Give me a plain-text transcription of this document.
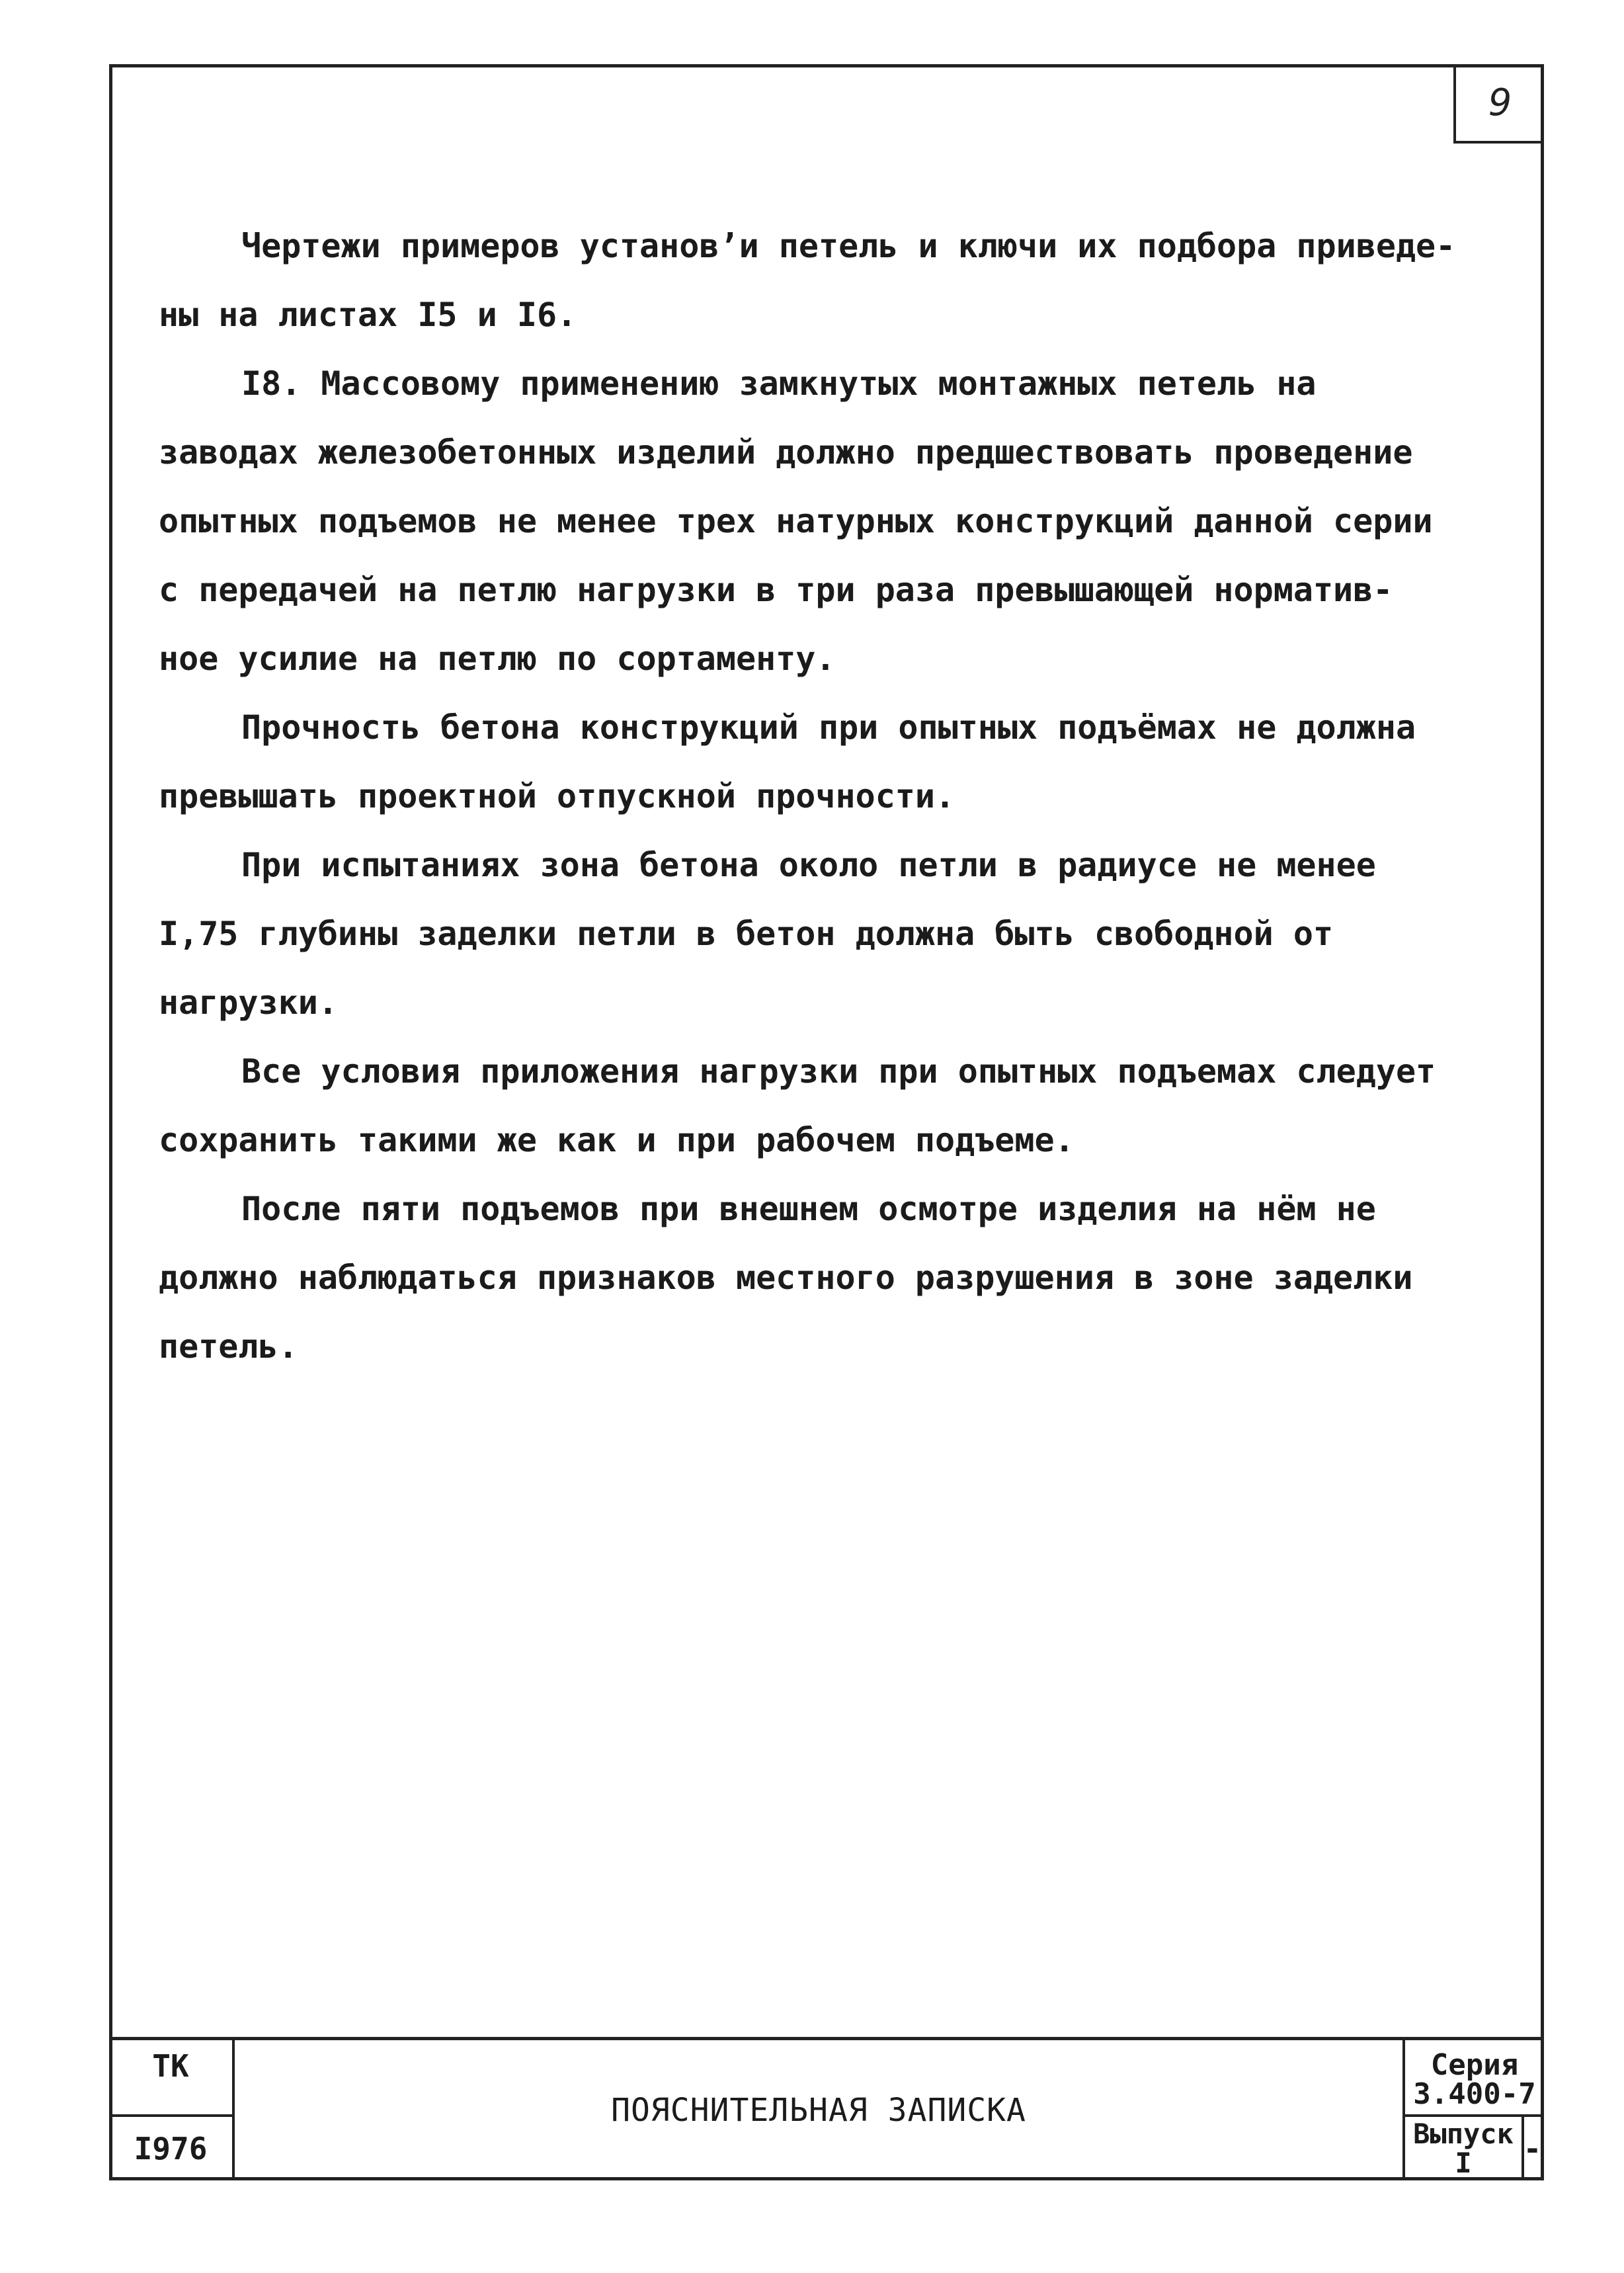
9
Чертежи примеров установ’и петель и ключи их подбора приведе-
ны на листах I5 и I6.
I8. Массовому применению замкнутых монтажных петель на
заводах железобетонных изделий должно предшествовать проведение
опытных подъемов не менее трех натурных конструкций данной серии
с передачей на петлю нагрузки в три раза превышающей норматив-
ное усилие на петлю по сортаменту.
Прочность бетона конструкций при опытных подъёмах не должна
превышать проектной отпускной прочности.
При испытаниях зона бетона около петли в радиусе не менее
I,75 глубины заделки петли в бетон должна быть свободной от
нагрузки.
Все условия приложения нагрузки при опытных подъемах следует
сохранить такими же как и при рабочем подъеме.
После пяти подъемов при внешнем осмотре изделия на нём не
должно наблюдаться признаков местного разрушения в зоне заделки
петель.
ТК
I976
ПОЯСНИТЕЛЬНАЯ ЗАПИСКА
Серия
3.400-7
Выпуск
I -
